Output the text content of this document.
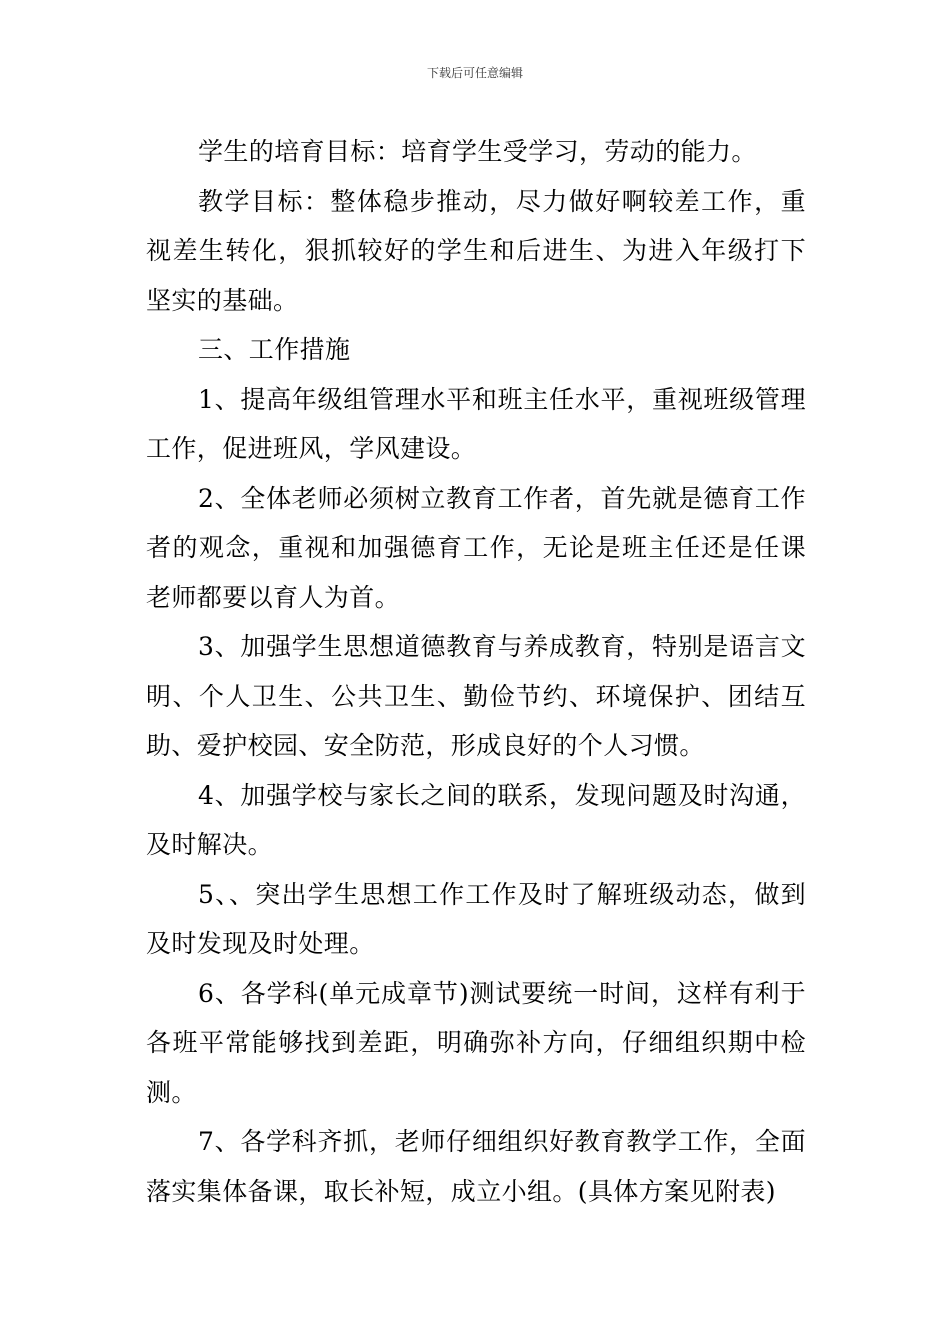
下载后可任意编辑

学生的培育目标：培育学生受学习，劳动的能力。

教学目标：整体稳步推动，尽力做好啊较差工作，重视差生转化，狠抓较好的学生和后进生、为进入年级打下坚实的基础。

三、工作措施

1、提高年级组管理水平和班主任水平，重视班级管理工作，促进班风，学风建设。

2、全体老师必须树立教育工作者，首先就是德育工作者的观念，重视和加强德育工作，无论是班主任还是任课老师都要以育人为首。

3、加强学生思想道德教育与养成教育，特别是语言文明、个人卫生、公共卫生、勤俭节约、环境保护、团结互助、爱护校园、安全防范，形成良好的个人习惯。

4、加强学校与家长之间的联系，发现问题及时沟通，及时解决。

5、、突出学生思想工作工作及时了解班级动态，做到及时发现及时处理。

6、各学科(单元成章节)测试要统一时间，这样有利于各班平常能够找到差距，明确弥补方向，仔细组织期中检测。

7、各学科齐抓，老师仔细组织好教育教学工作，全面落实集体备课，取长补短，成立小组。(具体方案见附表)
